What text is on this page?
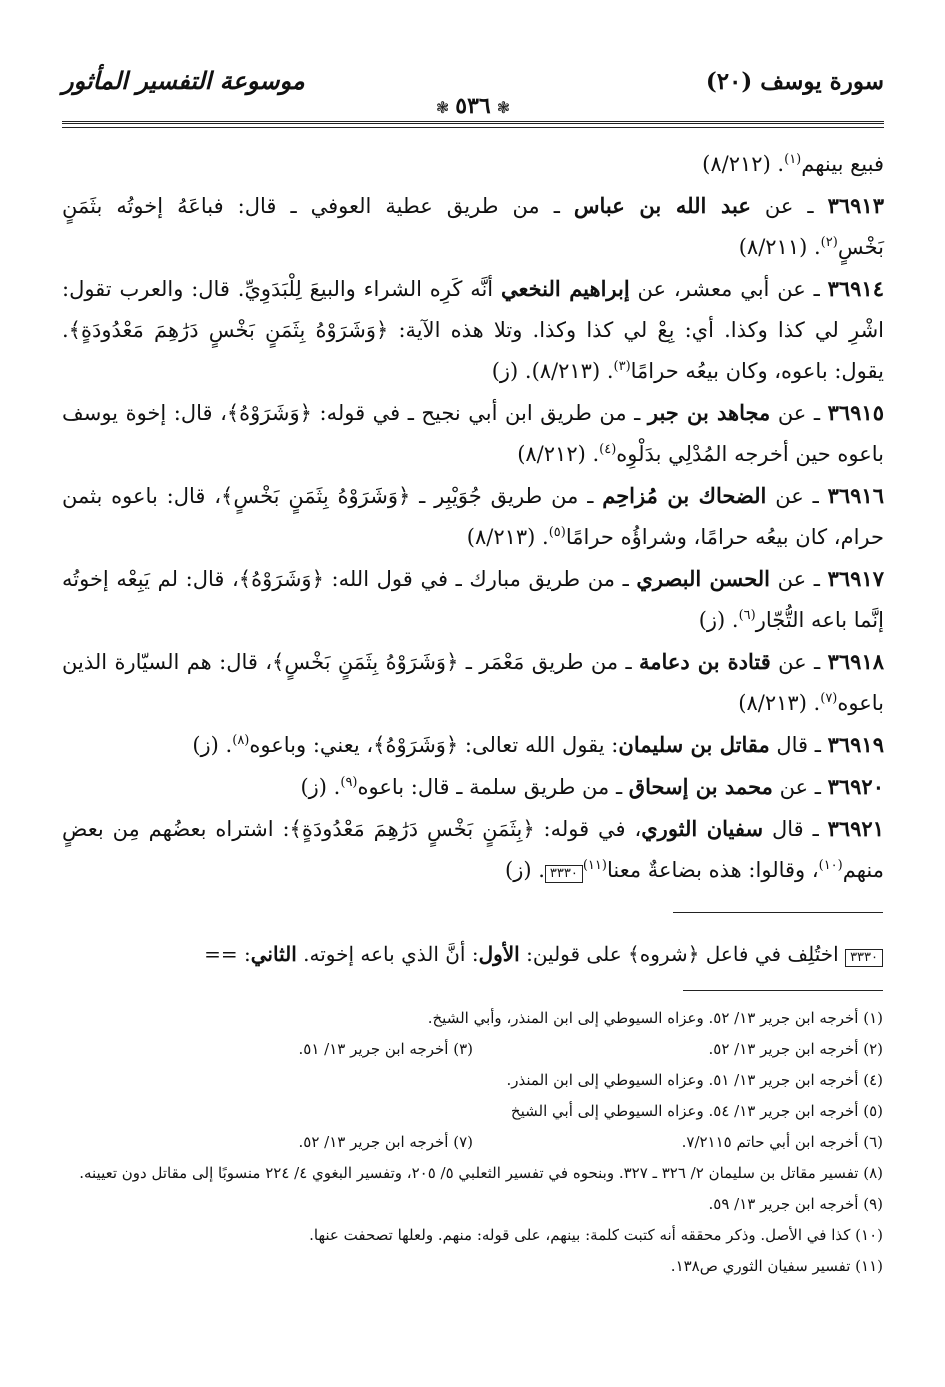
سورة يوسف (٢٠)
موسوعة التفسير المأثور
❃ ٥٣٦ ❃

فبيع بينهم$^{(١)}$. (٨/٢١٢)

٣٦٩١٣ ـ عن عبد الله بن عباس ـ من طريق عطية العوفي ـ قال: فباعَهُ إخوتُه بثَمَنٍ بَخْسٍ$^{(٢)}$. (٨/٢١١)

٣٦٩١٤ ـ عن أبي معشر، عن إبراهيم النخعي أنَّه كَرِه الشراء والبيعَ لِلْبَدَوِيِّ. قال: والعرب تقول: اشْرِ لي كذا وكذا. أي: بِعْ لي كذا وكذا. وتلا هذه الآية: ﴿وَشَرَوْهُ بِثَمَنٍ بَخْسٍ دَرَٰهِمَ مَعْدُودَةٍ﴾. يقول: باعوه، وكان بيعُه حرامًا$^{(٣)}$. (٨/٢١٣). (ز)

٣٦٩١٥ ـ عن مجاهد بن جبر ـ من طريق ابن أبي نجيح ـ في قوله: ﴿وَشَرَوْهُ﴾، قال: إخوة يوسف باعوه حين أخرجه المُدْلِي بدَلْوِه$^{(٤)}$. (٨/٢١٢)

٣٦٩١٦ ـ عن الضحاك بن مُزاحِم ـ من طريق جُوَيْبِر ـ ﴿وَشَرَوْهُ بِثَمَنٍ بَخْسٍ﴾، قال: باعوه بثمن حرام، كان بيعُه حرامًا، وشراؤُه حرامًا$^{(٥)}$. (٨/٢١٣)

٣٦٩١٧ ـ عن الحسن البصري ـ من طريق مبارك ـ في قول الله: ﴿وَشَرَوْهُ﴾، قال: لم يَبِعْه إخوتُه إنَّما باعه التُّجّار$^{(٦)}$. (ز)

٣٦٩١٨ ـ عن قتادة بن دعامة ـ من طريق مَعْمَر ـ ﴿وَشَرَوْهُ بِثَمَنٍ بَخْسٍ﴾، قال: هم السيّارة الذين باعوه$^{(٧)}$. (٨/٢١٣)

٣٦٩١٩ ـ قال مقاتل بن سليمان: يقول الله تعالى: ﴿وَشَرَوْهُ﴾، يعني: وباعوه$^{(٨)}$. (ز)

٣٦٩٢٠ ـ عن محمد بن إسحاق ـ من طريق سلمة ـ قال: باعوه$^{(٩)}$. (ز)

٣٦٩٢١ ـ قال سفيان الثوري، في قوله: ﴿بِثَمَنٍ بَخْسٍ دَرَٰهِمَ مَعْدُودَةٍ﴾: اشتراه بعضُهم مِن بعضٍ منهم$^{(١٠)}$، وقالوا: هذه بضاعةٌ معنا$^{(١١)}$٣٣٣٠. (ز)

٣٣٣٠ اختُلِف في فاعل ﴿شروه﴾ على قولين: الأول: أنَّ الذي باعه إخوته. الثاني: ==

(١) أخرجه ابن جرير ١٣/ ٥٢. وعزاه السيوطي إلى ابن المنذر، وأبي الشيخ.

(٢) أخرجه ابن جرير ١٣/ ٥٢.
(٣) أخرجه ابن جرير ١٣/ ٥١.

(٤) أخرجه ابن جرير ١٣/ ٥١. وعزاه السيوطي إلى ابن المنذر.

(٥) أخرجه ابن جرير ١٣/ ٥٤. وعزاه السيوطي إلى أبي الشيخ

(٦) أخرجه ابن أبي حاتم ٧/٢١١٥.
(٧) أخرجه ابن جرير ١٣/ ٥٢.

(٨) تفسير مقاتل بن سليمان ٢/ ٣٢٦ ـ ٣٢٧. وبنحوه في تفسير الثعلبي ٥/ ٢٠٥، وتفسير البغوي ٤/ ٢٢٤ منسوبًا إلى مقاتل دون تعيينه.

(٩) أخرجه ابن جرير ١٣/ ٥٩.

(١٠) كذا في الأصل. وذكر محققه أنه كتبت كلمة: بينهم، على قوله: منهم. ولعلها تصحفت عنها.

(١١) تفسير سفيان الثوري ص١٣٨.
